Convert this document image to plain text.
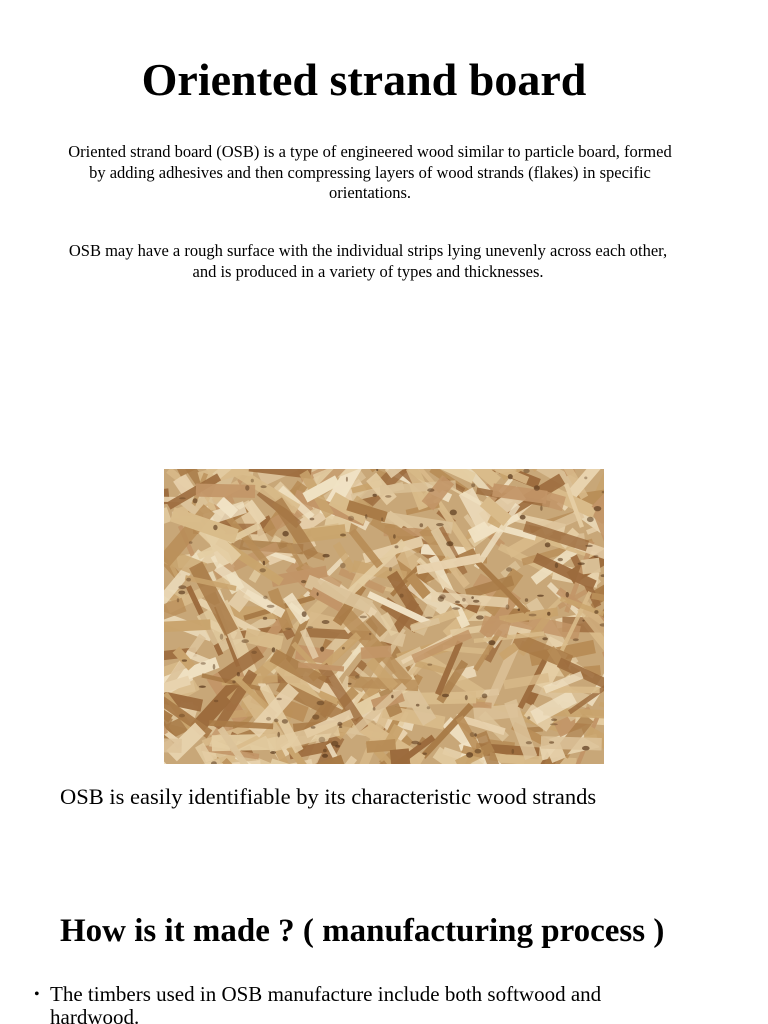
Oriented strand board

Oriented strand board (OSB) is a type of engineered wood similar to particle board, formed by adding adhesives and then compressing layers of wood strands (flakes) in specific orientations.

OSB may have a rough surface with the individual strips lying unevenly across each other, and is produced in a variety of types and thicknesses.

OSB is easily identifiable by its characteristic wood strands
How is it made ? ( manufacturing process )
• The timbers used in OSB manufacture include both softwood and hardwood.
